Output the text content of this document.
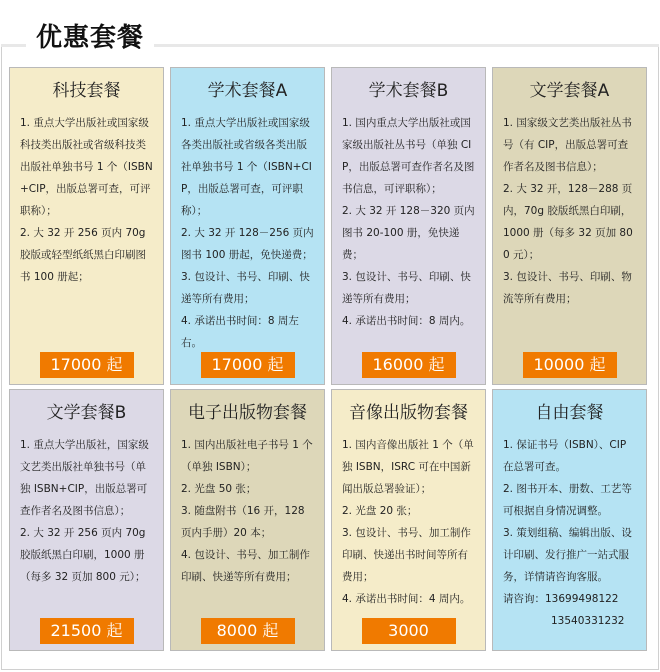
优惠套餐
科技套餐

1. 重点大学出版社或国家级科技类出版社或省级科技类出版社单独书号 1 个（ISBN+CIP，出版总署可查，可评职称）；

2. 大 32 开 256 页内 70g 胶版或轻型纸纸黑白印刷图书 100 册起；

17000 起
学术套餐A

1. 重点大学出版社或国家级各类出版社或省级各类出版社单独书号 1 个（ISBN+CIP，出版总署可查，可评职称）；

2. 大 32 开 128－256 页内图书 100 册起，免快递费；

3. 包设计、书号、印刷、快递等所有费用；

4. 承诺出书时间：8 周左右。

17000 起
学术套餐B

1. 国内重点大学出版社或国家级出版社丛书号（单独 CIP，出版总署可查作者名及图书信息，可评职称）；

2. 大 32 开 128－320 页内图书 20-100 册，免快递费；

3. 包设计、书号、印刷、快递等所有费用；

4. 承诺出书时间：8 周内。

16000 起
文学套餐A

1. 国家级文艺类出版社丛书号（有 CIP，出版总署可查作者名及图书信息）；

2. 大 32 开，128－288 页内，70g 胶版纸黑白印刷，1000 册（每多 32 页加 800 元）；

3. 包设计、书号、印刷、物流等所有费用；

10000 起
文学套餐B

1. 重点大学出版社，国家级文艺类出版社单独书号（单独 ISBN+CIP，出版总署可查作者名及图书信息）；

2. 大 32 开 256 页内 70g 胶版纸黑白印刷，1000 册（每多 32 页加 800 元）；

21500 起
电子出版物套餐

1. 国内出版社电子书号 1 个（单独 ISBN）；

2. 光盘 50 张；

3. 随盘附书（16 开，128 页内手册）20 本；

4. 包设计、书号、加工制作印刷、快递等所有费用；

8000 起
音像出版物套餐

1. 国内音像出版社 1 个（单独 ISBN，ISRC 可在中国新闻出版总署验证）；

2. 光盘 20 张；

3. 包设计、书号、加工制作印刷、快递出书时间等所有费用；

4. 承诺出书时间：4 周内。

3000
自由套餐

1. 保证书号（ISBN）、CIP 在总署可查。

2. 图书开本、册数、工艺等可根据自身情况调整。

3. 策划组稿、编辑出版、设计印刷、发行推广一站式服务，详情请咨询客服。

请咨询：13699498122
13540331232
